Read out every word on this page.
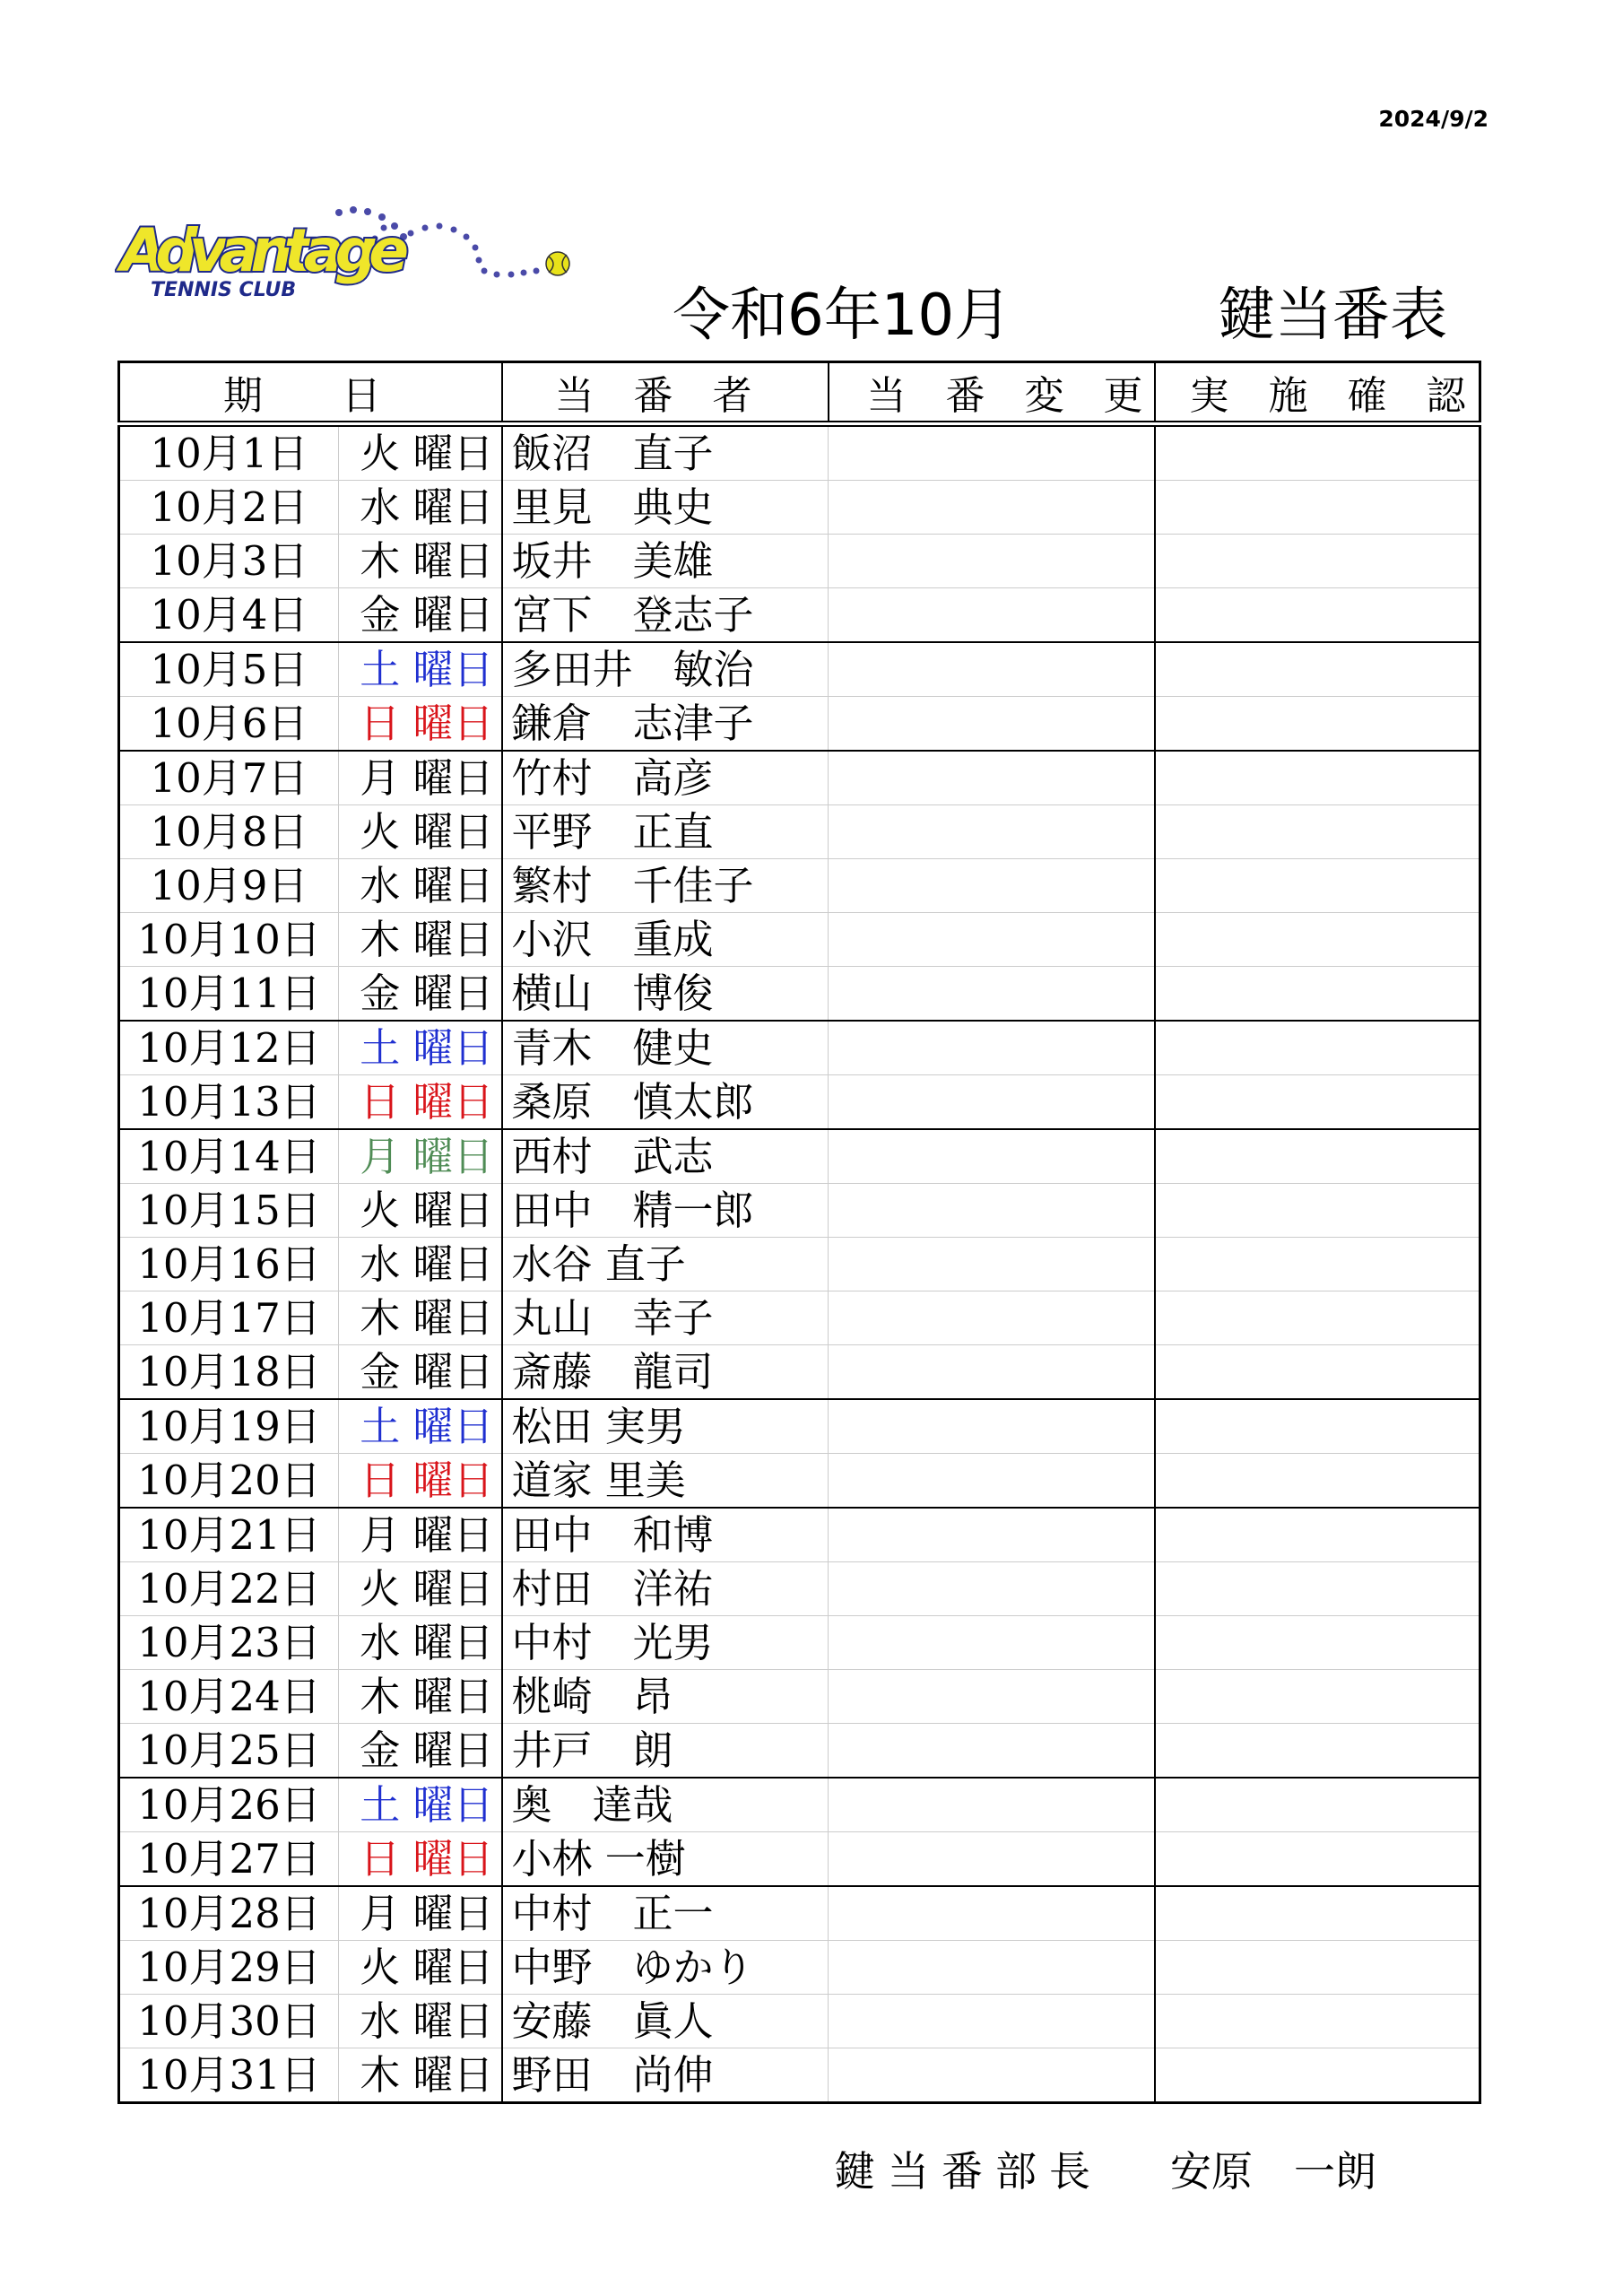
2024/9/2
Advantage
TENNIS CLUB	令和6年10月	鍵当番表
期　　日		当　番　者	当　番　変　更	実　施　確　認
10月1日	火 曜日	飯沼　直子		
10月2日	水 曜日	里見　典史		
10月3日	木 曜日	坂井　美雄		
10月4日	金 曜日	宮下　登志子		
10月5日	土 曜日	多田井　敏治		
10月6日	日 曜日	鎌倉　志津子		
10月7日	月 曜日	竹村　高彦		
10月8日	火 曜日	平野　正直		
10月9日	水 曜日	繁村　千佳子		
10月10日	木 曜日	小沢　重成		
10月11日	金 曜日	横山　博俊		
10月12日	土 曜日	青木　健史		
10月13日	日 曜日	桑原　慎太郎		
10月14日	月 曜日	西村　武志		
10月15日	火 曜日	田中　精一郎		
10月16日	水 曜日	水谷 直子		
10月17日	木 曜日	丸山　幸子		
10月18日	金 曜日	斎藤　龍司		
10月19日	土 曜日	松田 実男		
10月20日	日 曜日	道家 里美		
10月21日	月 曜日	田中　和博		
10月22日	火 曜日	村田　洋祐		
10月23日	水 曜日	中村　光男		
10月24日	木 曜日	桃崎　昂		
10月25日	金 曜日	井戸　朗		
10月26日	土 曜日	奥　達哉		
10月27日	日 曜日	小林 一樹		
10月28日	月 曜日	中村　正一		
10月29日	火 曜日	中野　ゆかり		
10月30日	水 曜日	安藤　眞人		
10月31日	木 曜日	野田　尚伸		
鍵当番部長 安原　一朗
